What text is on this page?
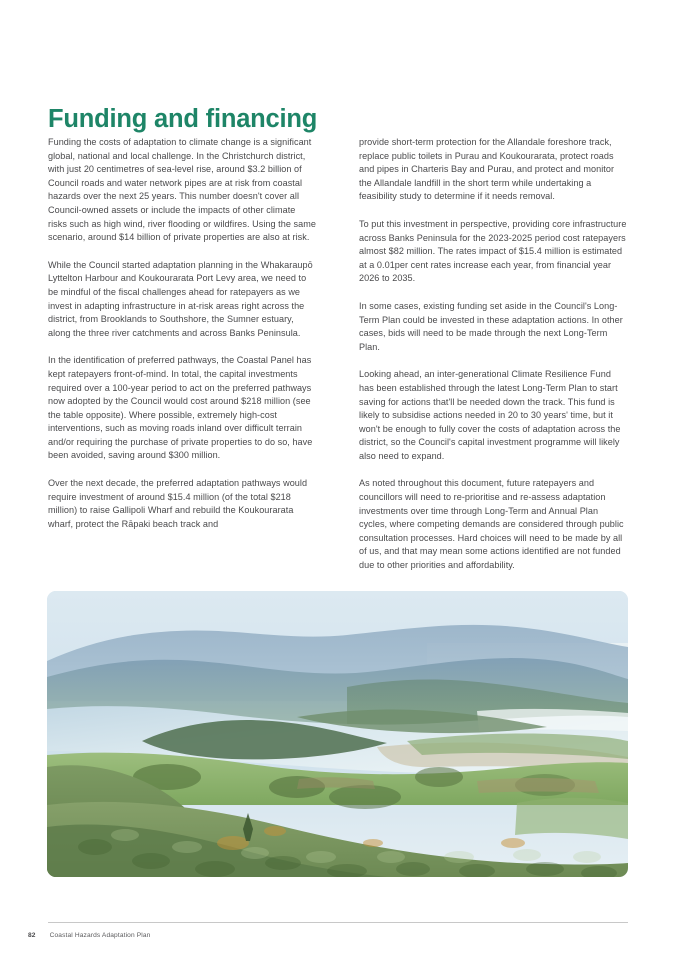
Funding and financing

Funding the costs of adaptation to climate change is a significant global, national and local challenge. In the Christchurch district, with just 20 centimetres of sea-level rise, around $3.2 billion of Council roads and water network pipes are at risk from coastal hazards over the next 25 years. This number doesn't cover all Council-owned assets or include the impacts of other climate risks such as high wind, river flooding or wildfires. Using the same scenario, around $14 billion of private properties are also at risk.

While the Council started adaptation planning in the Whakaraupō Lyttelton Harbour and Koukourarata Port Levy area, we need to be mindful of the fiscal challenges ahead for ratepayers as we invest in adapting infrastructure in at-risk areas right across the district, from Brooklands to Southshore, the Sumner estuary, along the three river catchments and across Banks Peninsula.

In the identification of preferred pathways, the Coastal Panel has kept ratepayers front-of-mind. In total, the capital investments required over a 100-year period to act on the preferred pathways now adopted by the Council would cost around $218 million (see the table opposite). Where possible, extremely high-cost interventions, such as moving roads inland over difficult terrain and/or requiring the purchase of private properties to do so, have been avoided, saving around $300 million.

Over the next decade, the preferred adaptation pathways would require investment of around $15.4 million (of the total $218 million) to raise Gallipoli Wharf and rebuild the Koukourarata wharf, protect the Rāpaki beach track and

provide short-term protection for the Allandale foreshore track, replace public toilets in Purau and Koukourarata, protect roads and pipes in Charteris Bay and Purau, and protect and monitor the Allandale landfill in the short term while undertaking a feasibility study to determine if it needs removal.

To put this investment in perspective, providing core infrastructure across Banks Peninsula for the 2023-2025 period cost ratepayers almost $82 million. The rates impact of $15.4 million is estimated at a 0.01per cent rates increase each year, from financial year 2026 to 2035.

In some cases, existing funding set aside in the Council's Long-Term Plan could be invested in these adaptation actions. In other cases, bids will need to be made through the next Long-Term Plan.

Looking ahead, an inter-generational Climate Resilience Fund has been established through the latest Long-Term Plan to start saving for actions that'll be needed down the track. This fund is likely to subsidise actions needed in 20 to 30 years' time, but it won't be enough to fully cover the costs of adaptation across the district, so the Council's capital investment programme will likely also need to expand.

As noted throughout this document, future ratepayers and councillors will need to re-prioritise and re-assess adaptation investments over time through Long-Term and Annual Plan cycles, where competing demands are considered through public consultation processes. Hard choices will need to be made by all of us, and that may mean some actions identified are not funded due to other priorities and affordability.

82 Coastal Hazards Adaptation Plan
